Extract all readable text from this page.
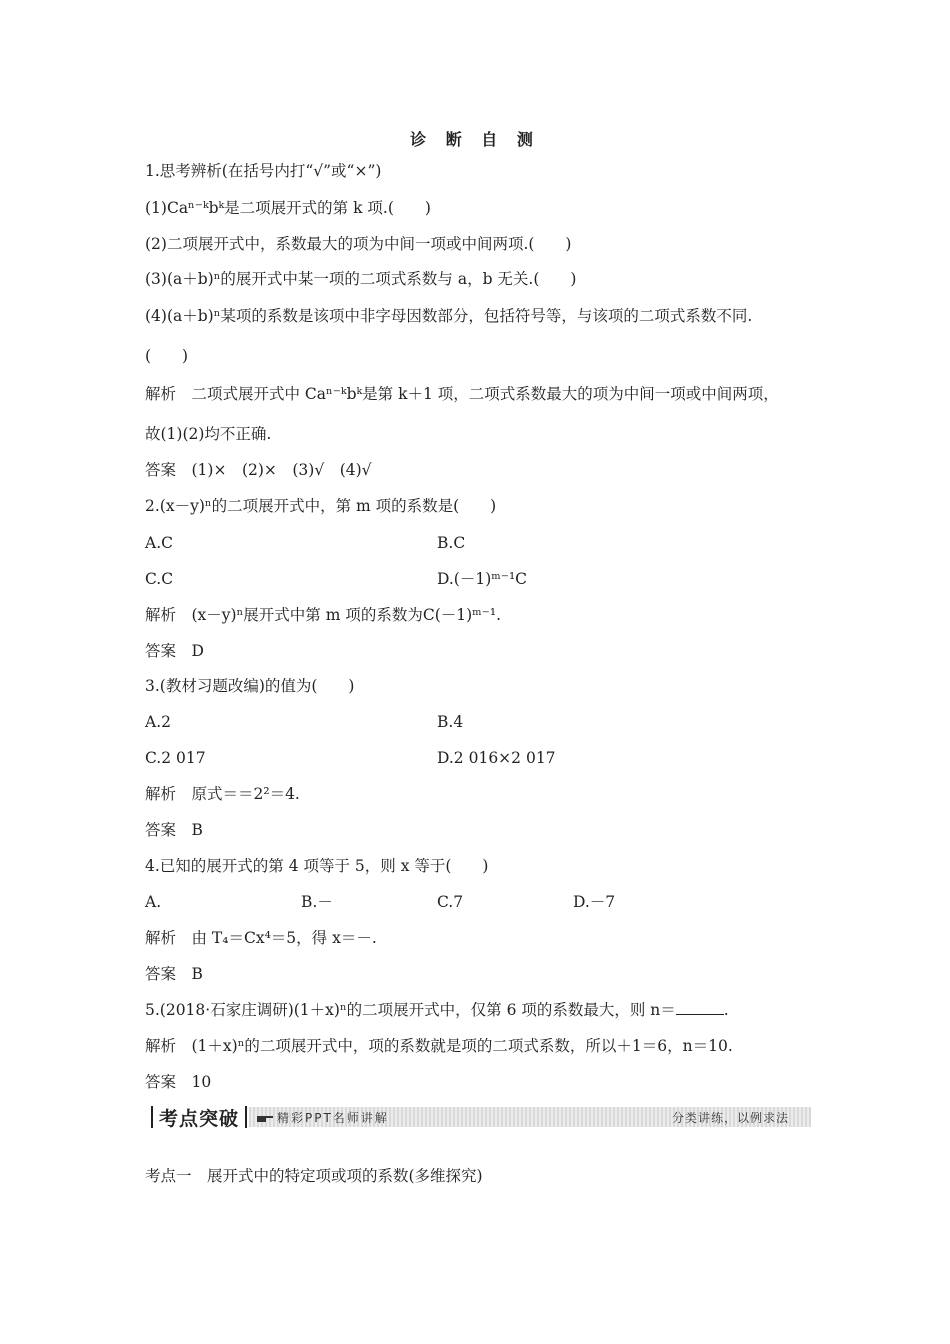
诊 断 自 测
1.思考辨析(在括号内打“√”或“×”)
(1)Caⁿ⁻ᵏbᵏ是二项展开式的第 k 项.(　　)
(2)二项展开式中，系数最大的项为中间一项或中间两项.(　　)
(3)(a＋b)ⁿ的展开式中某一项的二项式系数与 a，b 无关.(　　)
(4)(a＋b)ⁿ某项的系数是该项中非字母因数部分，包括符号等，与该项的二项式系数不同.
(　　)
解析　二项式展开式中 Caⁿ⁻ᵏbᵏ是第 k＋1 项，二项式系数最大的项为中间一项或中间两项，
故(1)(2)均不正确.
答案　(1)×　(2)×　(3)√　(4)√
2.(x－y)ⁿ的二项展开式中，第 m 项的系数是(　　)
A.C	B.C
C.C	D.(－1)ᵐ⁻¹C
解析　(x－y)ⁿ展开式中第 m 项的系数为C(－1)ᵐ⁻¹.
答案　D
3.(教材习题改编)的值为(　　)
A.2	B.4
C.2 017	D.2 016×2 017
解析　原式＝＝2²＝4.
答案　B
4.已知的展开式的第 4 项等于 5，则 x 等于(　　)
A.	B.－	C.7	D.－7
解析　由 T₄＝Cx⁴＝5，得 x＝－.
答案　B
5.(2018·石家庄调研)(1＋x)ⁿ的二项展开式中，仅第 6 项的系数最大，则 n＝	.
解析　(1＋x)ⁿ的二项展开式中，项的系数就是项的二项式系数，所以＋1＝6，n＝10.
答案　10
考点突破	精彩PPT名师讲解	分类讲练，以例求法
考点一　展开式中的特定项或项的系数(多维探究)
